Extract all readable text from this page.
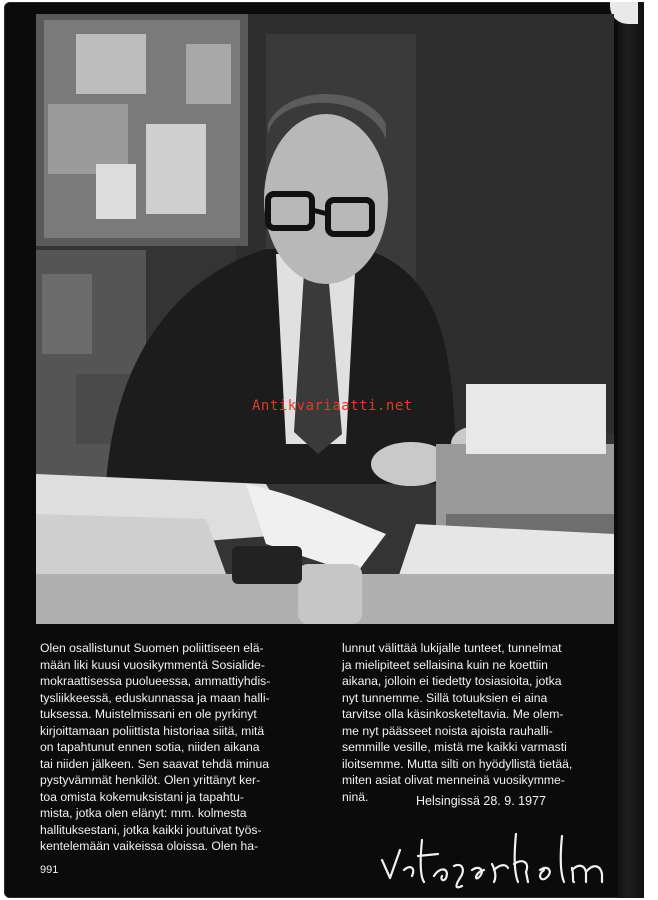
Antikvariaatti.net
Olen osallistunut Suomen poliittiseen elä-
mään liki kuusi vuosikymmentä Sosialide-
mokraattisessa puolueessa, ammattiyhdis-
tysliikkeessä, eduskunnassa ja maan halli-
tuksessa. Muistelmissani en ole pyrkinyt
kirjoittamaan poliittista historiaa siitä, mitä
on tapahtunut ennen sotia, niiden aikana
tai niiden jälkeen. Sen saavat tehdä minua
pystyvämmät henkilöt. Olen yrittänyt ker-
toa omista kokemuksistani ja tapahtu-
mista, jotka olen elänyt: mm. kolmesta
hallituksestani, jotka kaikki joutuivat työs-
kentelemään vaikeissa oloissa. Olen ha-
lunnut välittää lukijalle tunteet, tunnelmat
ja mielipiteet sellaisina kuin ne koettiin
aikana, jolloin ei tiedetty tosiasioita, jotka
nyt tunnemme. Sillä totuuksien ei aina
tarvitse olla käsinkosketeltavia. Me olem-
me nyt päässeet noista ajoista rauhalli-
semmille vesille, mistä me kaikki varmasti
iloitsemme. Mutta silti on hyödyllistä tietää,
miten asiat olivat menneinä vuosikymme-
ninä.	Helsingissä 28. 9. 1977
991
